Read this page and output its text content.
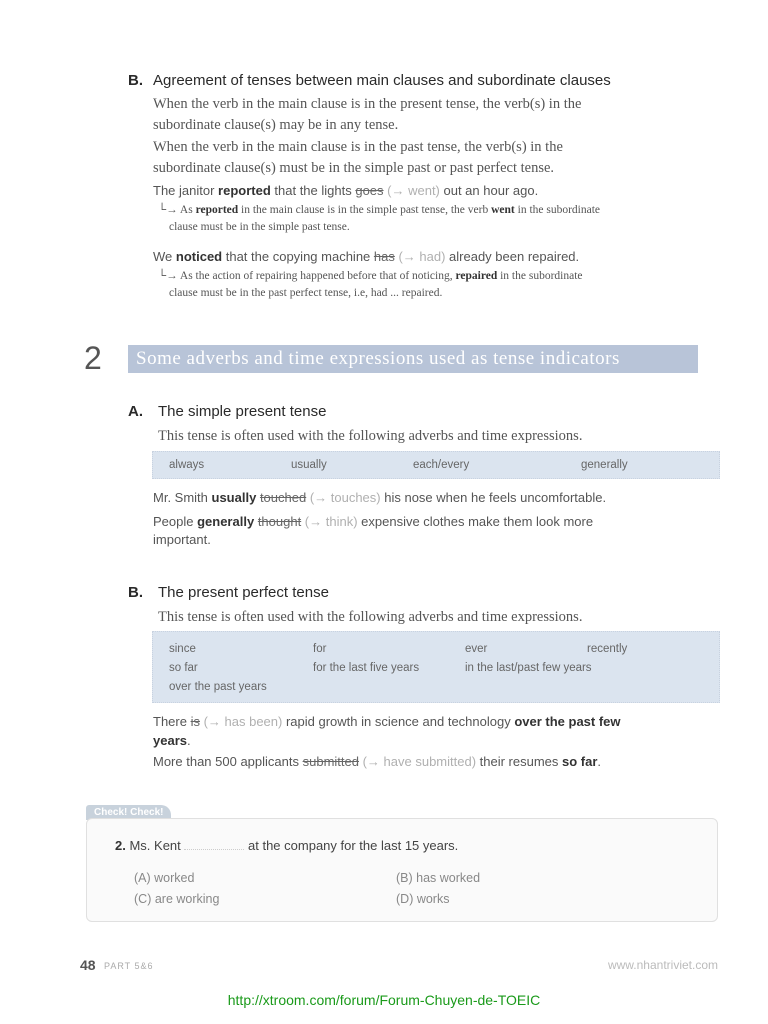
B. Agreement of tenses between main clauses and subordinate clauses
When the verb in the main clause is in the present tense, the verb(s) in the
subordinate clause(s) may be in any tense.
When the verb in the main clause is in the past tense, the verb(s) in the
subordinate clause(s) must be in the simple past or past perfect tense.
The janitor reported that the lights goes (→ went) out an hour ago.
└→ As reported in the main clause is in the simple past tense, the verb went in the subordinate
clause must be in the simple past tense.
We noticed that the copying machine has (→ had) already been repaired.
└→ As the action of repairing happened before that of noticing, repaired in the subordinate
clause must be in the past perfect tense, i.e, had ... repaired.
2	Some adverbs and time expressions used as tense indicators
A. The simple present tense
This tense is often used with the following adverbs and time expressions.
always	usually	each/every	generally
Mr. Smith usually touched (→ touches) his nose when he feels uncomfortable.
People generally thought (→ think) expensive clothes make them look more
important.
B. The present perfect tense
This tense is often used with the following adverbs and time expressions.
since	for	ever	recently
so far	for the last five years	in the last/past few years
over the past years
There is (→ has been) rapid growth in science and technology over the past few
years.
More than 500 applicants submitted (→ have submitted) their resumes so far.
Check! Check!
2. Ms. Kent	at the company for the last 15 years.
(A) worked	(B) has worked
(C) are working	(D) works
48 PART 5&6	www.nhantriviet.com
http://xtroom.com/forum/Forum-Chuyen-de-TOEIC
